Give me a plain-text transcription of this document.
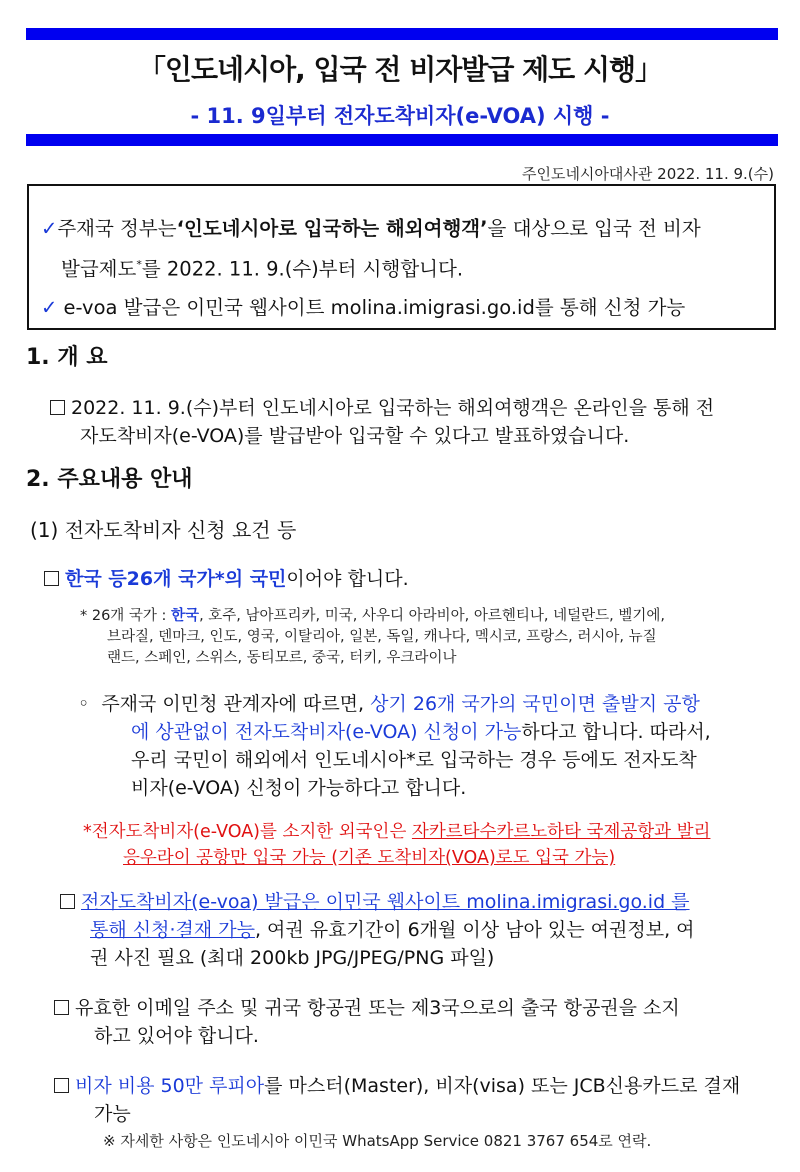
「인도네시아, 입국 전 비자발급 제도 시행」
- 11. 9일부터 전자도착비자(e-VOA) 시행 -
주인도네시아대사관 2022. 11. 9.(수)
✓주재국 정부는‘인도네시아로 입국하는 해외여행객’을 대상으로 입국 전 비자
발급제도*를 2022. 11. 9.(수)부터 시행합니다.
✓ e-voa 발급은 이민국 웹사이트 molina.imigrasi.go.id를 통해 신청 가능
1. 개 요
2022. 11. 9.(수)부터 인도네시아로 입국하는 해외여행객은 온라인을 통해 전
자도착비자(e-VOA)를 발급받아 입국할 수 있다고 발표하였습니다.
2. 주요내용 안내
(1) 전자도착비자 신청 요건 등
한국 등26개 국가*의 국민이어야 합니다.
* 26개 국가 : 한국, 호주, 남아프리카, 미국, 사우디 아라비아, 아르헨티나, 네덜란드, 벨기에,
브라질, 덴마크, 인도, 영국, 이탈리아, 일본, 독일, 캐나다, 멕시코, 프랑스, 러시아, 뉴질
랜드, 스페인, 스위스, 동티모르, 중국, 터키, 우크라이나
◦ 주재국 이민청 관계자에 따르면, 상기 26개 국가의 국민이면 출발지 공항
에 상관없이 전자도착비자(e-VOA) 신청이 가능하다고 합니다. 따라서,
우리 국민이 해외에서 인도네시아*로 입국하는 경우 등에도 전자도착
비자(e-VOA) 신청이 가능하다고 합니다.
*전자도착비자(e-VOA)를 소지한 외국인은 자카르타수카르노하타 국제공항과 발리
응우라이 공항만 입국 가능 (기존 도착비자(VOA)로도 입국 가능)
전자도착비자(e-voa) 발급은 이민국 웹사이트 molina.imigrasi.go.id 를
통해 신청·결재 가능, 여권 유효기간이 6개월 이상 남아 있는 여권정보, 여
권 사진 필요 (최대 200kb JPG/JPEG/PNG 파일)
유효한 이메일 주소 및 귀국 항공권 또는 제3국으로의 출국 항공권을 소지
하고 있어야 합니다.
비자 비용 50만 루피아를 마스터(Master), 비자(visa) 또는 JCB신용카드로 결재
가능
※ 자세한 사항은 인도네시아 이민국 WhatsApp Service 0821 3767 654로 연락.
